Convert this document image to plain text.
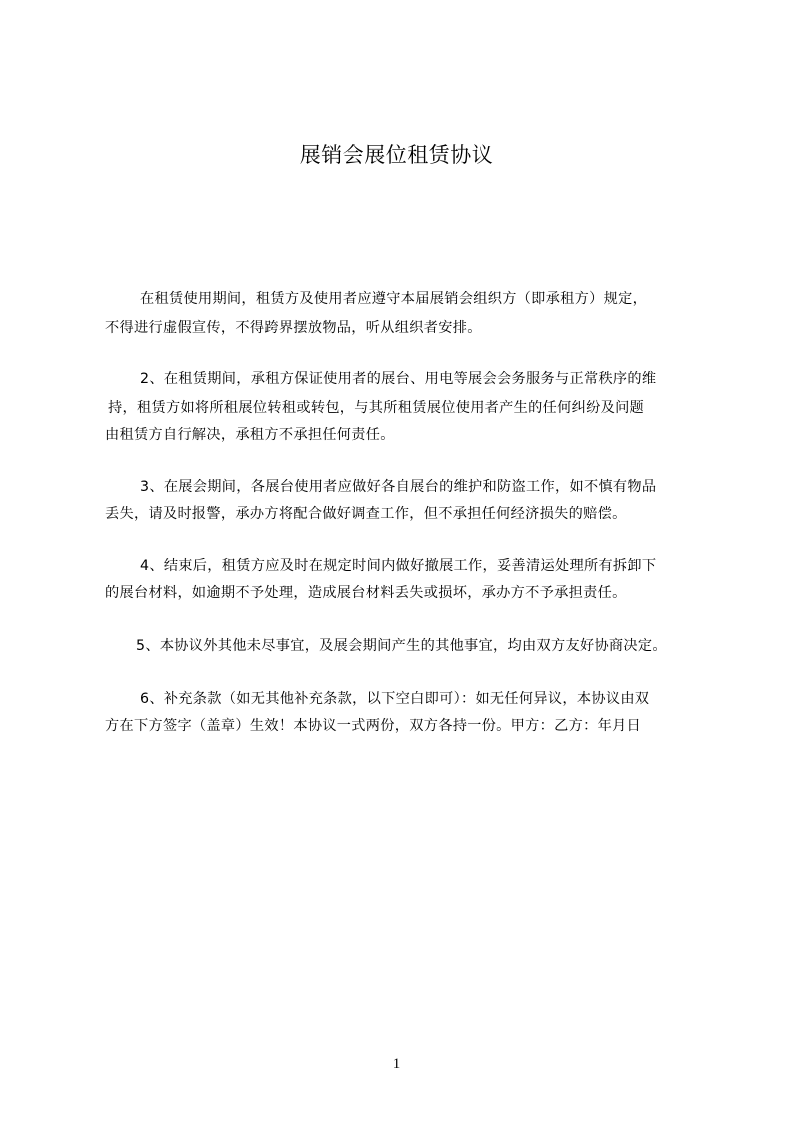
展销会展位租赁协议
在租赁使用期间，租赁方及使用者应遵守本届展销会组织方（即承租方）规定，
不得进行虚假宣传，不得跨界摆放物品，听从组织者安排。
2、在租赁期间，承租方保证使用者的展台、用电等展会会务服务与正常秩序的维
持，租赁方如将所租展位转租或转包，与其所租赁展位使用者产生的任何纠纷及问题
由租赁方自行解决，承租方不承担任何责任。
3、在展会期间，各展台使用者应做好各自展台的维护和防盗工作，如不慎有物品
丢失，请及时报警，承办方将配合做好调查工作，但不承担任何经济损失的赔偿。
4、结束后，租赁方应及时在规定时间内做好撤展工作，妥善清运处理所有拆卸下
的展台材料，如逾期不予处理，造成展台材料丢失或损坏，承办方不予承担责任。
5、本协议外其他未尽事宜，及展会期间产生的其他事宜，均由双方友好协商决定。
6、补充条款（如无其他补充条款，以下空白即可）：如无任何异议，本协议由双
方在下方签字（盖章）生效！本协议一式两份，双方各持一份。甲方：乙方：年月日
1
